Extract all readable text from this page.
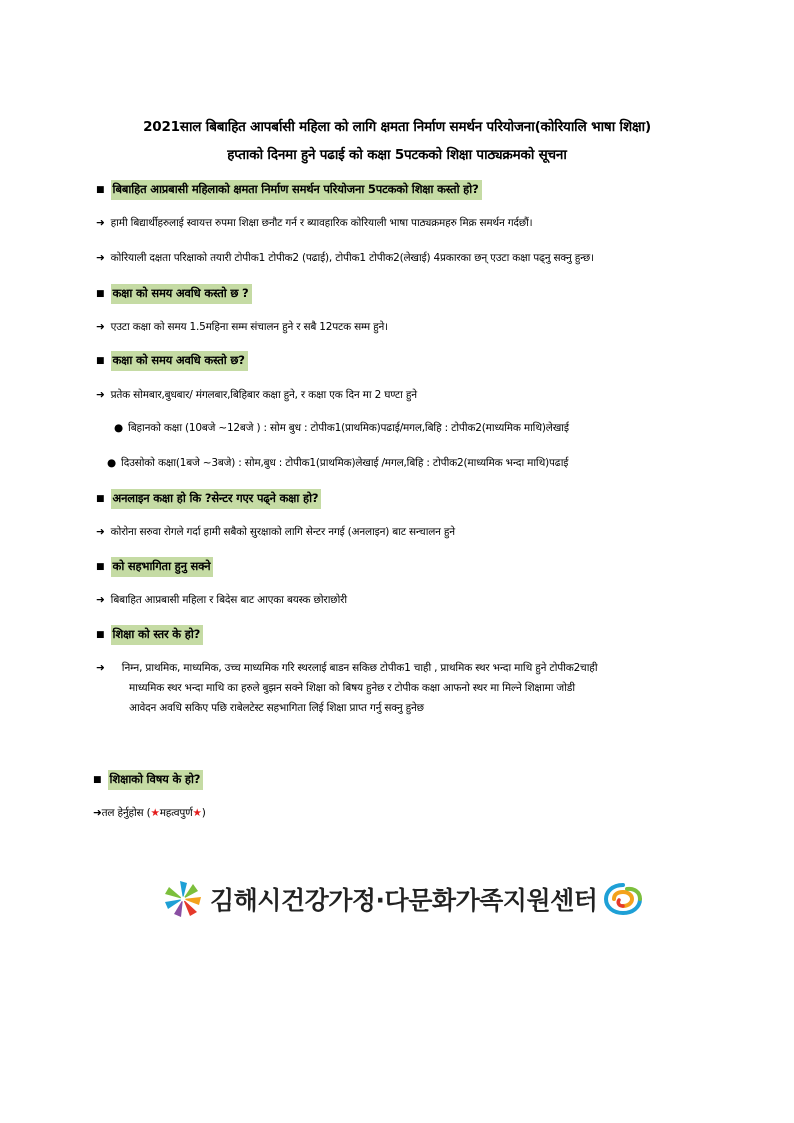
2021साल बिबाहित आपर्बासी महिला को लागि क्षमता निर्माण समर्थन परियोजना(कोरियालि भाषा शिक्षा)
हप्ताको दिनमा हुने पढाई को कक्षा 5पटकको शिक्षा पाठ्यक्रमको सूचना
■ बिबाहित आप्रबासी महिलाको क्षमता निर्माण समर्थन परियोजना 5पटकको शिक्षा कस्तो हो?
➜ हामी बिद्यार्थीहरुलाई स्वायत्त रुपमा शिक्षा छनौट गर्न र ब्यावहारिक कोरियाली भाषा पाठ्यक्रमहरु मिक्र समर्थन गर्दछौं।
➜ कोरियाली दक्षता परिक्षाको तयारी टोपीक1 टोपीक2 (पढाई), टोपीक1 टोपीक2(लेखाई) 4प्रकारका छन् एउटा कक्षा पढ्नु सक्नु हुन्छ।
■ कक्षा को समय अवधि कस्तो छ ?
➜ एउटा कक्षा को समय 1.5महिना सम्म संचालन हुने र सबै 12पटक सम्म हुने।
■ कक्षा को समय अवधि कस्तो छ?
➜ प्रतेक सोमबार,बुधबार/ मंगलबार,बिहिबार कक्षा हुने, र कक्षा एक दिन मा 2 घण्टा हुने
● बिहानको कक्षा (10बजे ~12बजे ) : सोम बुध : टोपीक1(प्राथमिक)पढाई/मगल,बिहि : टोपीक2(माध्यमिक माथि)लेखाई
● दिउसोको कक्षा(1बजे ~3बजे) : सोम,बुध : टोपीक1(प्राथमिक)लेखाई /मगल,बिहि : टोपीक2(माध्यमिक भन्दा माथि)पढाई
■ अनलाइन कक्षा हो कि ?सेन्टर गएर पढ्ने कक्षा हो?
➜ कोरोना सरुवा रोगले गर्दा हामी सबैको सुरक्षाको लागि सेन्टर नगई (अनलाइन) बाट सन्चालन हुने
■ को सहभागिता हुनु सक्ने
➜ बिबाहित आप्रबासी महिला र बिदेस बाट आएका बयस्क छोराछोरी
■ शिक्षा को स्तर के हो?
➜ निम्न, प्राथमिक, माध्यमिक, उच्च माध्यमिक गरि स्थरलाई बाडन सकिछ टोपीक1 चाही , प्राथमिक स्थर भन्दा माथि हुने टोपीक2चाही
माध्यमिक स्थर भन्दा माथि का हरुले बुझन सक्ने शिक्षा को बिषय हुनेछ र टोपीक कक्षा आफनो स्थर मा मिल्ने शिक्षामा जोडी
आवेदन अवधि सकिए पछि राबेलटेस्ट सहभागिता लिई शिक्षा प्राप्त गर्नु सक्नु हुनेछ
■ शिक्षाको विषय के हो?
➜तल हेर्नुहोस (★महत्वपुर्ण★)
김해시건강가정·다문화가족지원센터
